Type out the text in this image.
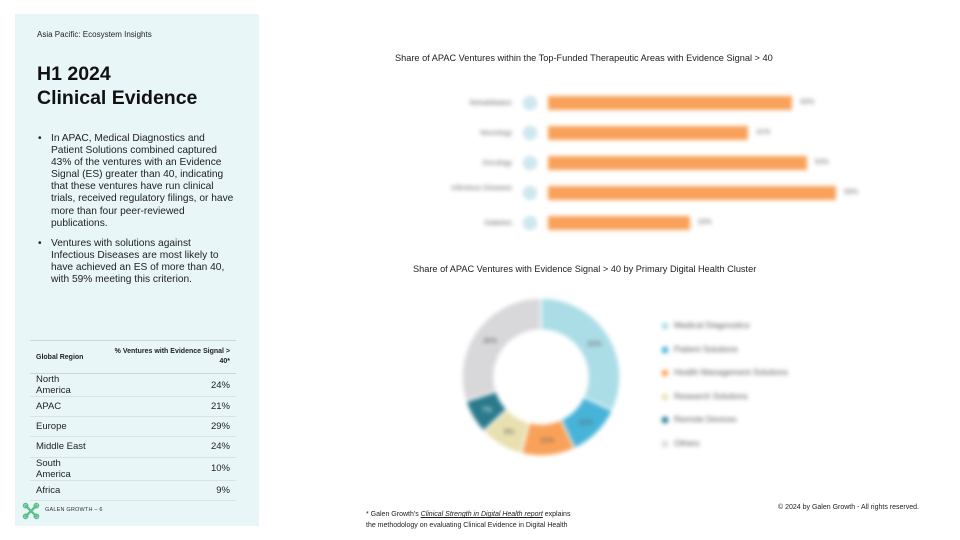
Asia Pacific: Ecosystem Insights
H1 2024
Clinical Evidence
• In APAC, Medical Diagnostics and Patient Solutions combined captured 43% of the ventures with an Evidence Signal (ES) greater than 40, indicating that these ventures have run clinical trials, received regulatory filings, or have more than four peer-reviewed publications.
• Ventures with solutions against Infectious Diseases are most likely to have achieved an ES of more than 40, with 59% meeting this criterion.
Global Region	% Ventures with Evidence Signal > 40*
North America	24%
APAC	21%
Europe	29%
Middle East	24%
South America	10%
Africa	9%
GALEN GROWTH – 6
Share of APAC Ventures within the Top-Funded Therapeutic Areas with Evidence Signal > 40
Rehabilitation	50%
Neurology	41%
Oncology	53%
Infectious Diseases
59%
Diabetes	29%
Share of APAC Ventures with Evidence Signal > 40 by Primary Digital Health Cluster
32%
11%
11%
9%
7%
30%
Medical Diagnostics
Patient Solutions
Health Management Solutions
Research Solutions
Remote Devices
Others
* Galen Growth's Clinical Strength in Digital Health report explains
the methodology on evaluating Clinical Evidence in Digital Health
© 2024 by Galen Growth - All rights reserved.
